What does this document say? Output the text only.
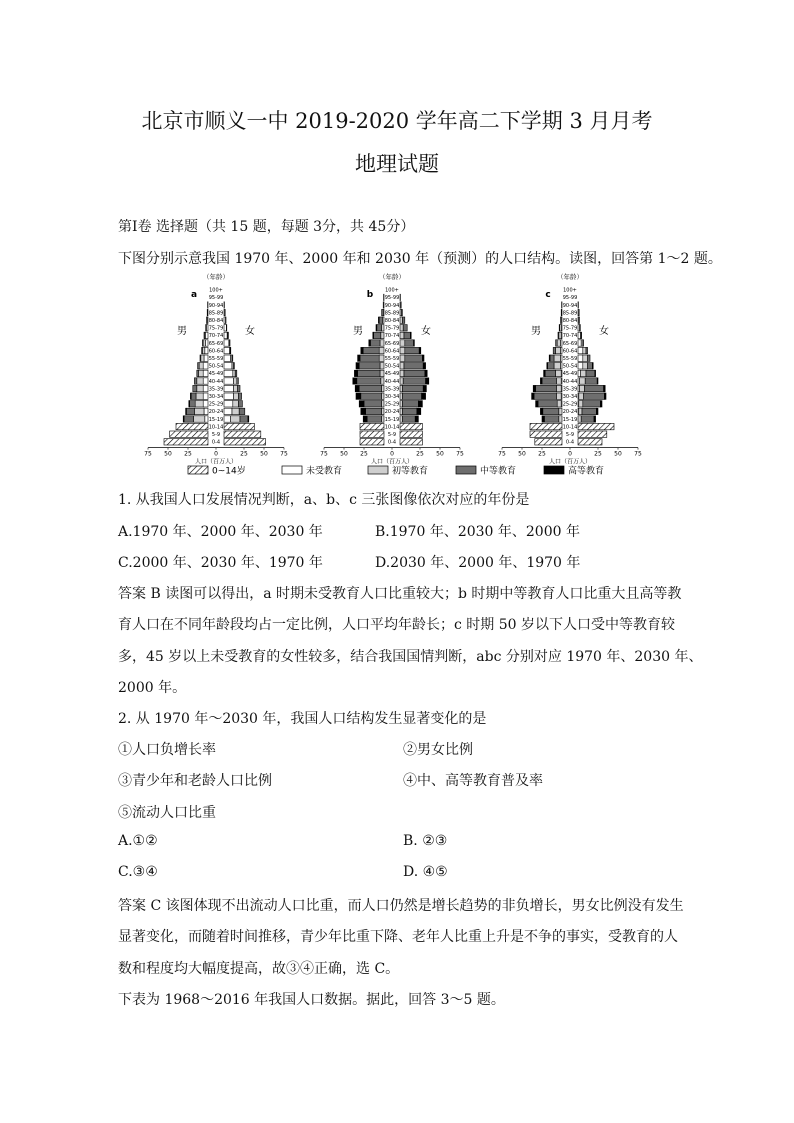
北京市顺义一中 2019-2020 学年高二下学期 3 月月考
地理试题
第Ⅰ卷 选择题（共 15 题，每题 3分，共 45分）
下图分别示意我国 1970 年、2000 年和 2030 年（预测）的人口结构。读图，回答第 1～2 题。
（年龄）
a
男	女
100+
95-99
90-94
85-89
80-84
75-79
70-74
65-69
60-64
55-59
50-54
45-49
40-44
35-39
30-34
25-29
20-24
15-19
10-14
5-9
0-4
75 50 25	0	25 50 75
人口（百万人）
（年龄）
b
男	女
100+
95-99
90-94
85-89
80-84
75-79
70-74
65-69
60-64
55-59
50-54
45-49
40-44
35-39
30-34
25-29
20-24
15-19
10-14
5-9
0-4
75 50 25	0	25 50 75
人口（百万人）
（年龄）
c
男	女
100+
95-99
90-94
85-89
80-84
75-79
70-74
65-69
60-64
55-59
50-54
45-49
40-44
35-39
30-34
25-29
20-24
15-19
10-14
5-9
0-4
75 50 25	0	25 50 75
人口（百万人）
0~14岁	未受教育	初等教育	中等教育	高等教育
1. 从我国人口发展情况判断，a、b、c 三张图像依次对应的年份是
A.1970 年、2000 年、2030 年	B.1970 年、2030 年、2000 年
C.2000 年、2030 年、1970 年	D.2030 年、2000 年、1970 年
答案 B 读图可以得出，a 时期未受教育人口比重较大；b 时期中等教育人口比重大且高等教
育人口在不同年龄段均占一定比例，人口平均年龄长；c 时期 50 岁以下人口受中等教育较
多，45 岁以上未受教育的女性较多，结合我国国情判断，abc 分别对应 1970 年、2030 年、
2000 年。
2. 从 1970 年～2030 年，我国人口结构发生显著变化的是
①人口负增长率	②男女比例
③青少年和老龄人口比例	④中、高等教育普及率
⑤流动人口比重
A.①②	B. ②③
C.③④	D. ④⑤
答案 C 该图体现不出流动人口比重，而人口仍然是增长趋势的非负增长，男女比例没有发生
显著变化，而随着时间推移，青少年比重下降、老年人比重上升是不争的事实，受教育的人
数和程度均大幅度提高，故③④正确，选 C。
下表为 1968～2016 年我国人口数据。据此，回答 3～5 题。
